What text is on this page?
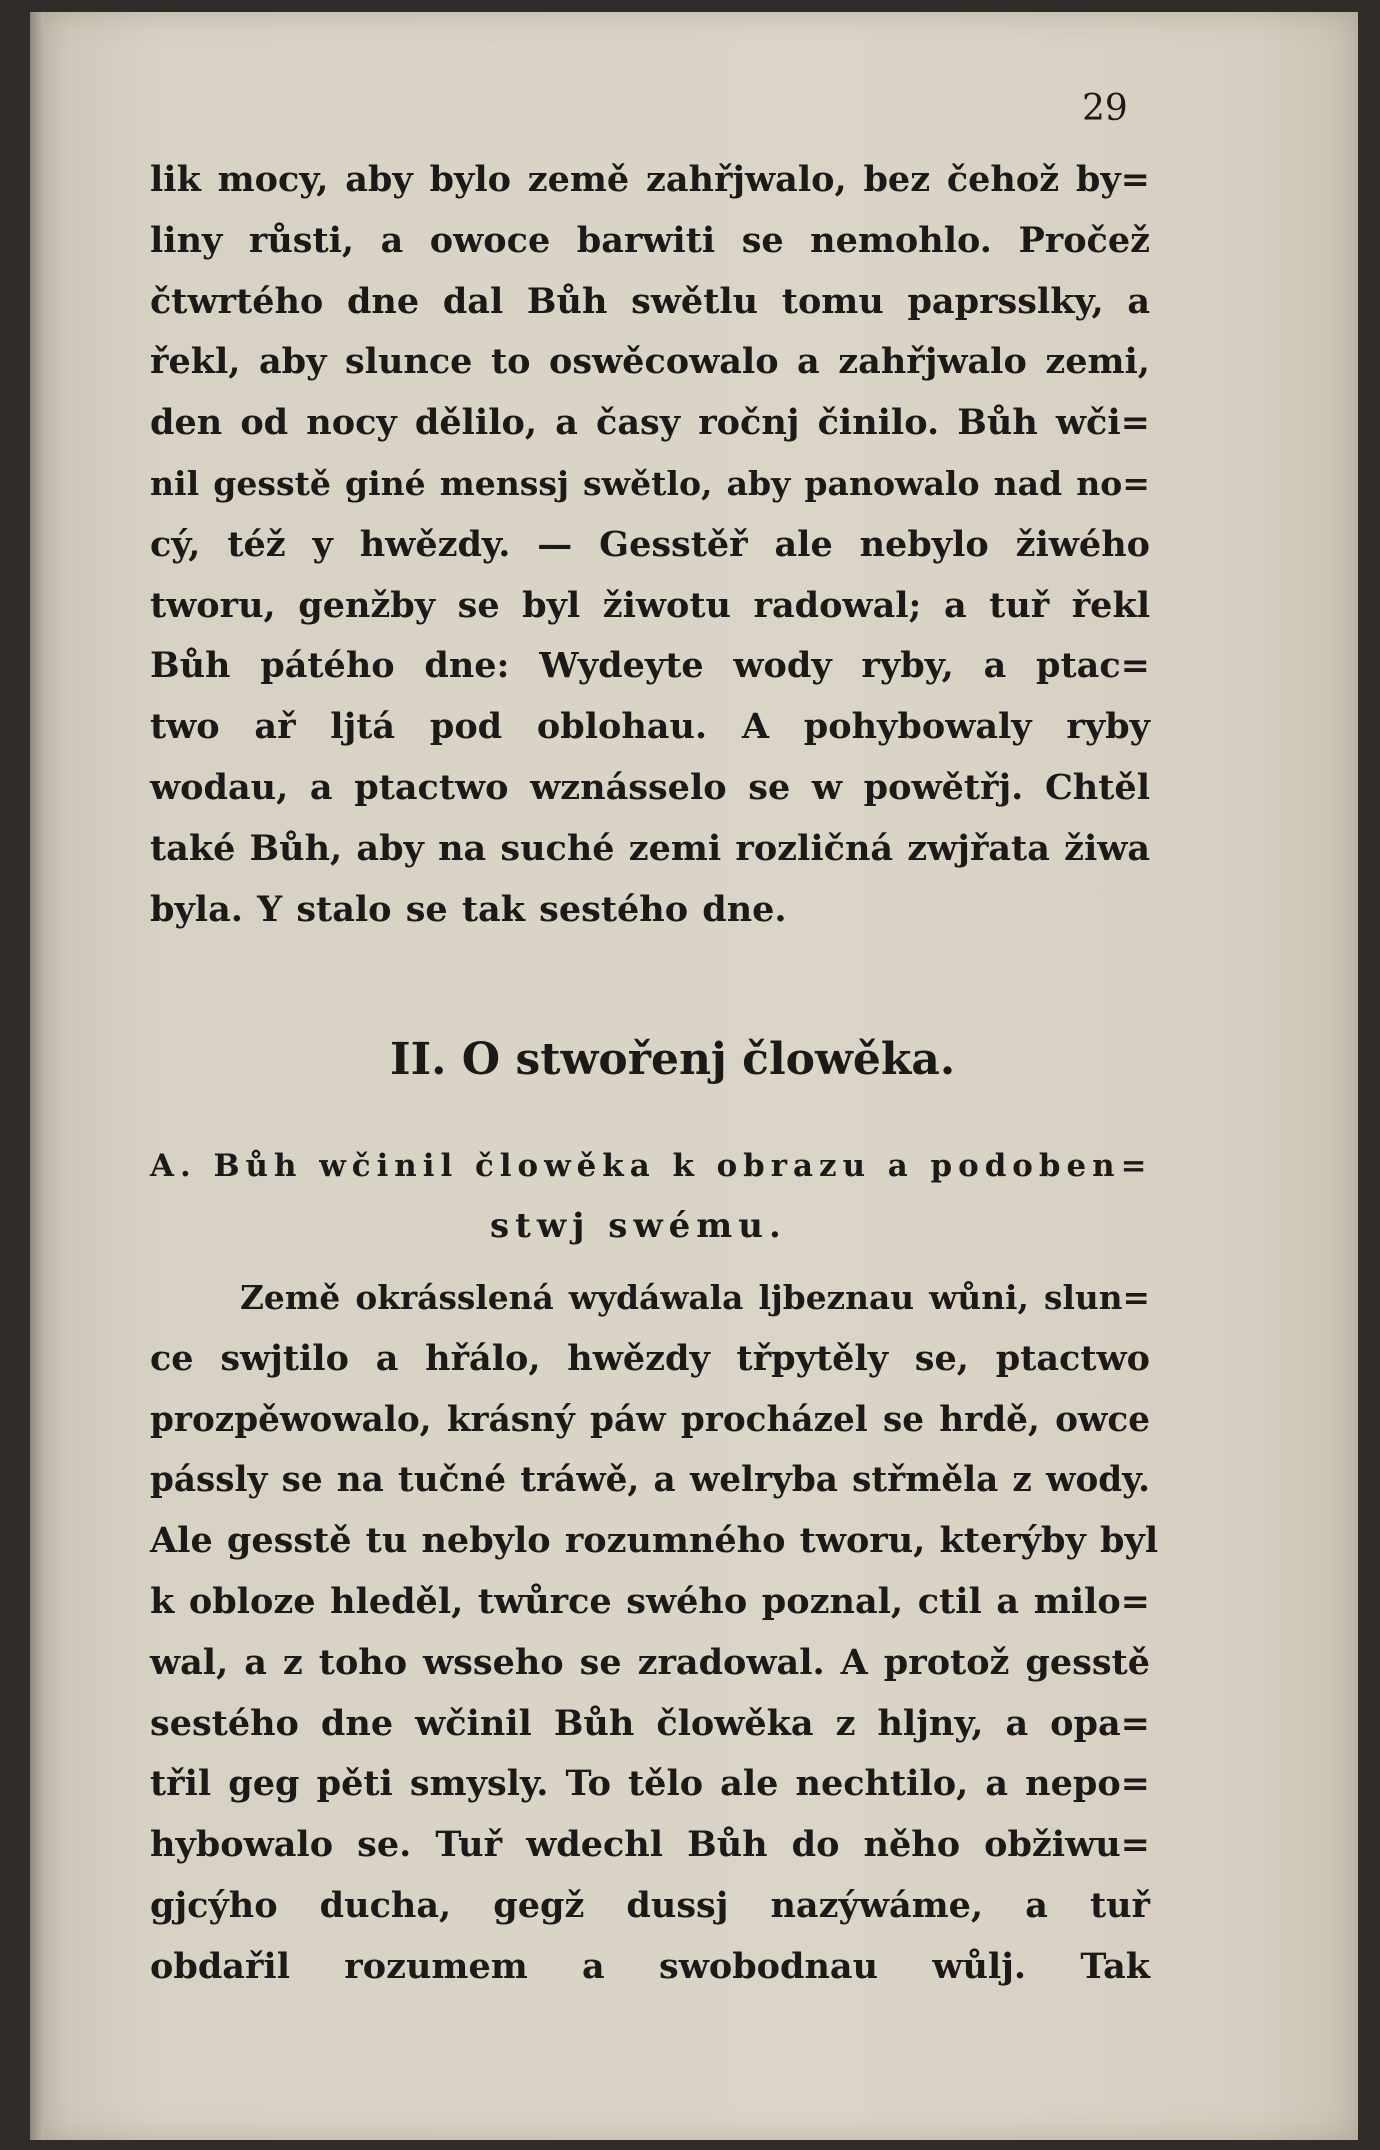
29

lik mocy, aby bylo země zahřjwalo, bez čehož by=
liny růsti, a owoce barwiti se nemohlo. Pročež
čtwrtého dne dal Bůh swětlu tomu paprsslky, a
řekl, aby slunce to oswěcowalo a zahřjwalo zemi,
den od nocy dělilo, a časy ročnj činilo. Bůh wči=
nil gesstě giné menssj swětlo, aby panowalo nad no=
cý, též y hwězdy. — Gesstěř ale nebylo žiwého
tworu, genžby se byl žiwotu radowal; a tuř řekl
Bůh pátého dne: Wydeyte wody ryby, a ptac=
two ař ljtá pod oblohau. A pohybowaly ryby
wodau, a ptactwo wznásselo se w powětřj. Chtěl
také Bůh, aby na suché zemi rozličná zwjřata žiwa
byla. Y stalo se tak sestého dne.

II. O stwořenj člowěka.
A. Bůh wčinil člowěka k obrazu a podoben=
stwj swému.

Země okrásslená wydáwala ljbeznau wůni, slun=
ce swjtilo a hřálo, hwězdy třpytěly se, ptactwo
prozpěwowalo, krásný páw procházel se hrdě, owce
pássly se na tučné tráwě, a welryba střměla z wody.
Ale gesstě tu nebylo rozumného tworu, kterýby byl
k obloze hleděl, twůrce swého poznal, ctil a milo=
wal, a z toho wsseho se zradowal. A protož gesstě
sestého dne wčinil Bůh člowěka z hljny, a opa=
třil geg pěti smysly. To tělo ale nechtilo, a nepo=
hybowalo se. Tuř wdechl Bůh do něho obžiwu=
gjcýho ducha, gegž dussj nazýwáme, a tuř
obdařil rozumem a swobodnau wůlj. Tak
